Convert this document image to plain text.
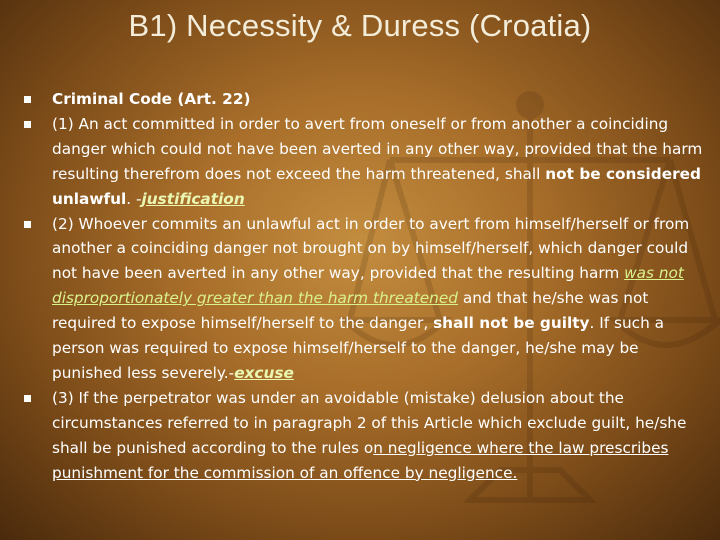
B1) Necessity & Duress (Croatia)
Criminal Code (Art. 22)
(1) An act committed in order to avert from oneself or from another a coinciding danger which could not have been averted in any other way, provided that the harm resulting therefrom does not exceed the harm threatened, shall not be considered unlawful. -justification
(2) Whoever commits an unlawful act in order to avert from himself/herself or from another a coinciding danger not brought on by himself/herself, which danger could not have been averted in any other way, provided that the resulting harm was not disproportionately greater than the harm threatened and that he/she was not required to expose himself/herself to the danger, shall not be guilty. If such a person was required to expose himself/herself to the danger, he/she may be punished less severely.-excuse
(3) If the perpetrator was under an avoidable (mistake) delusion about the circumstances referred to in paragraph 2 of this Article which exclude guilt, he/she shall be punished according to the rules on negligence where the law prescribes punishment for the commission of an offence by negligence.
